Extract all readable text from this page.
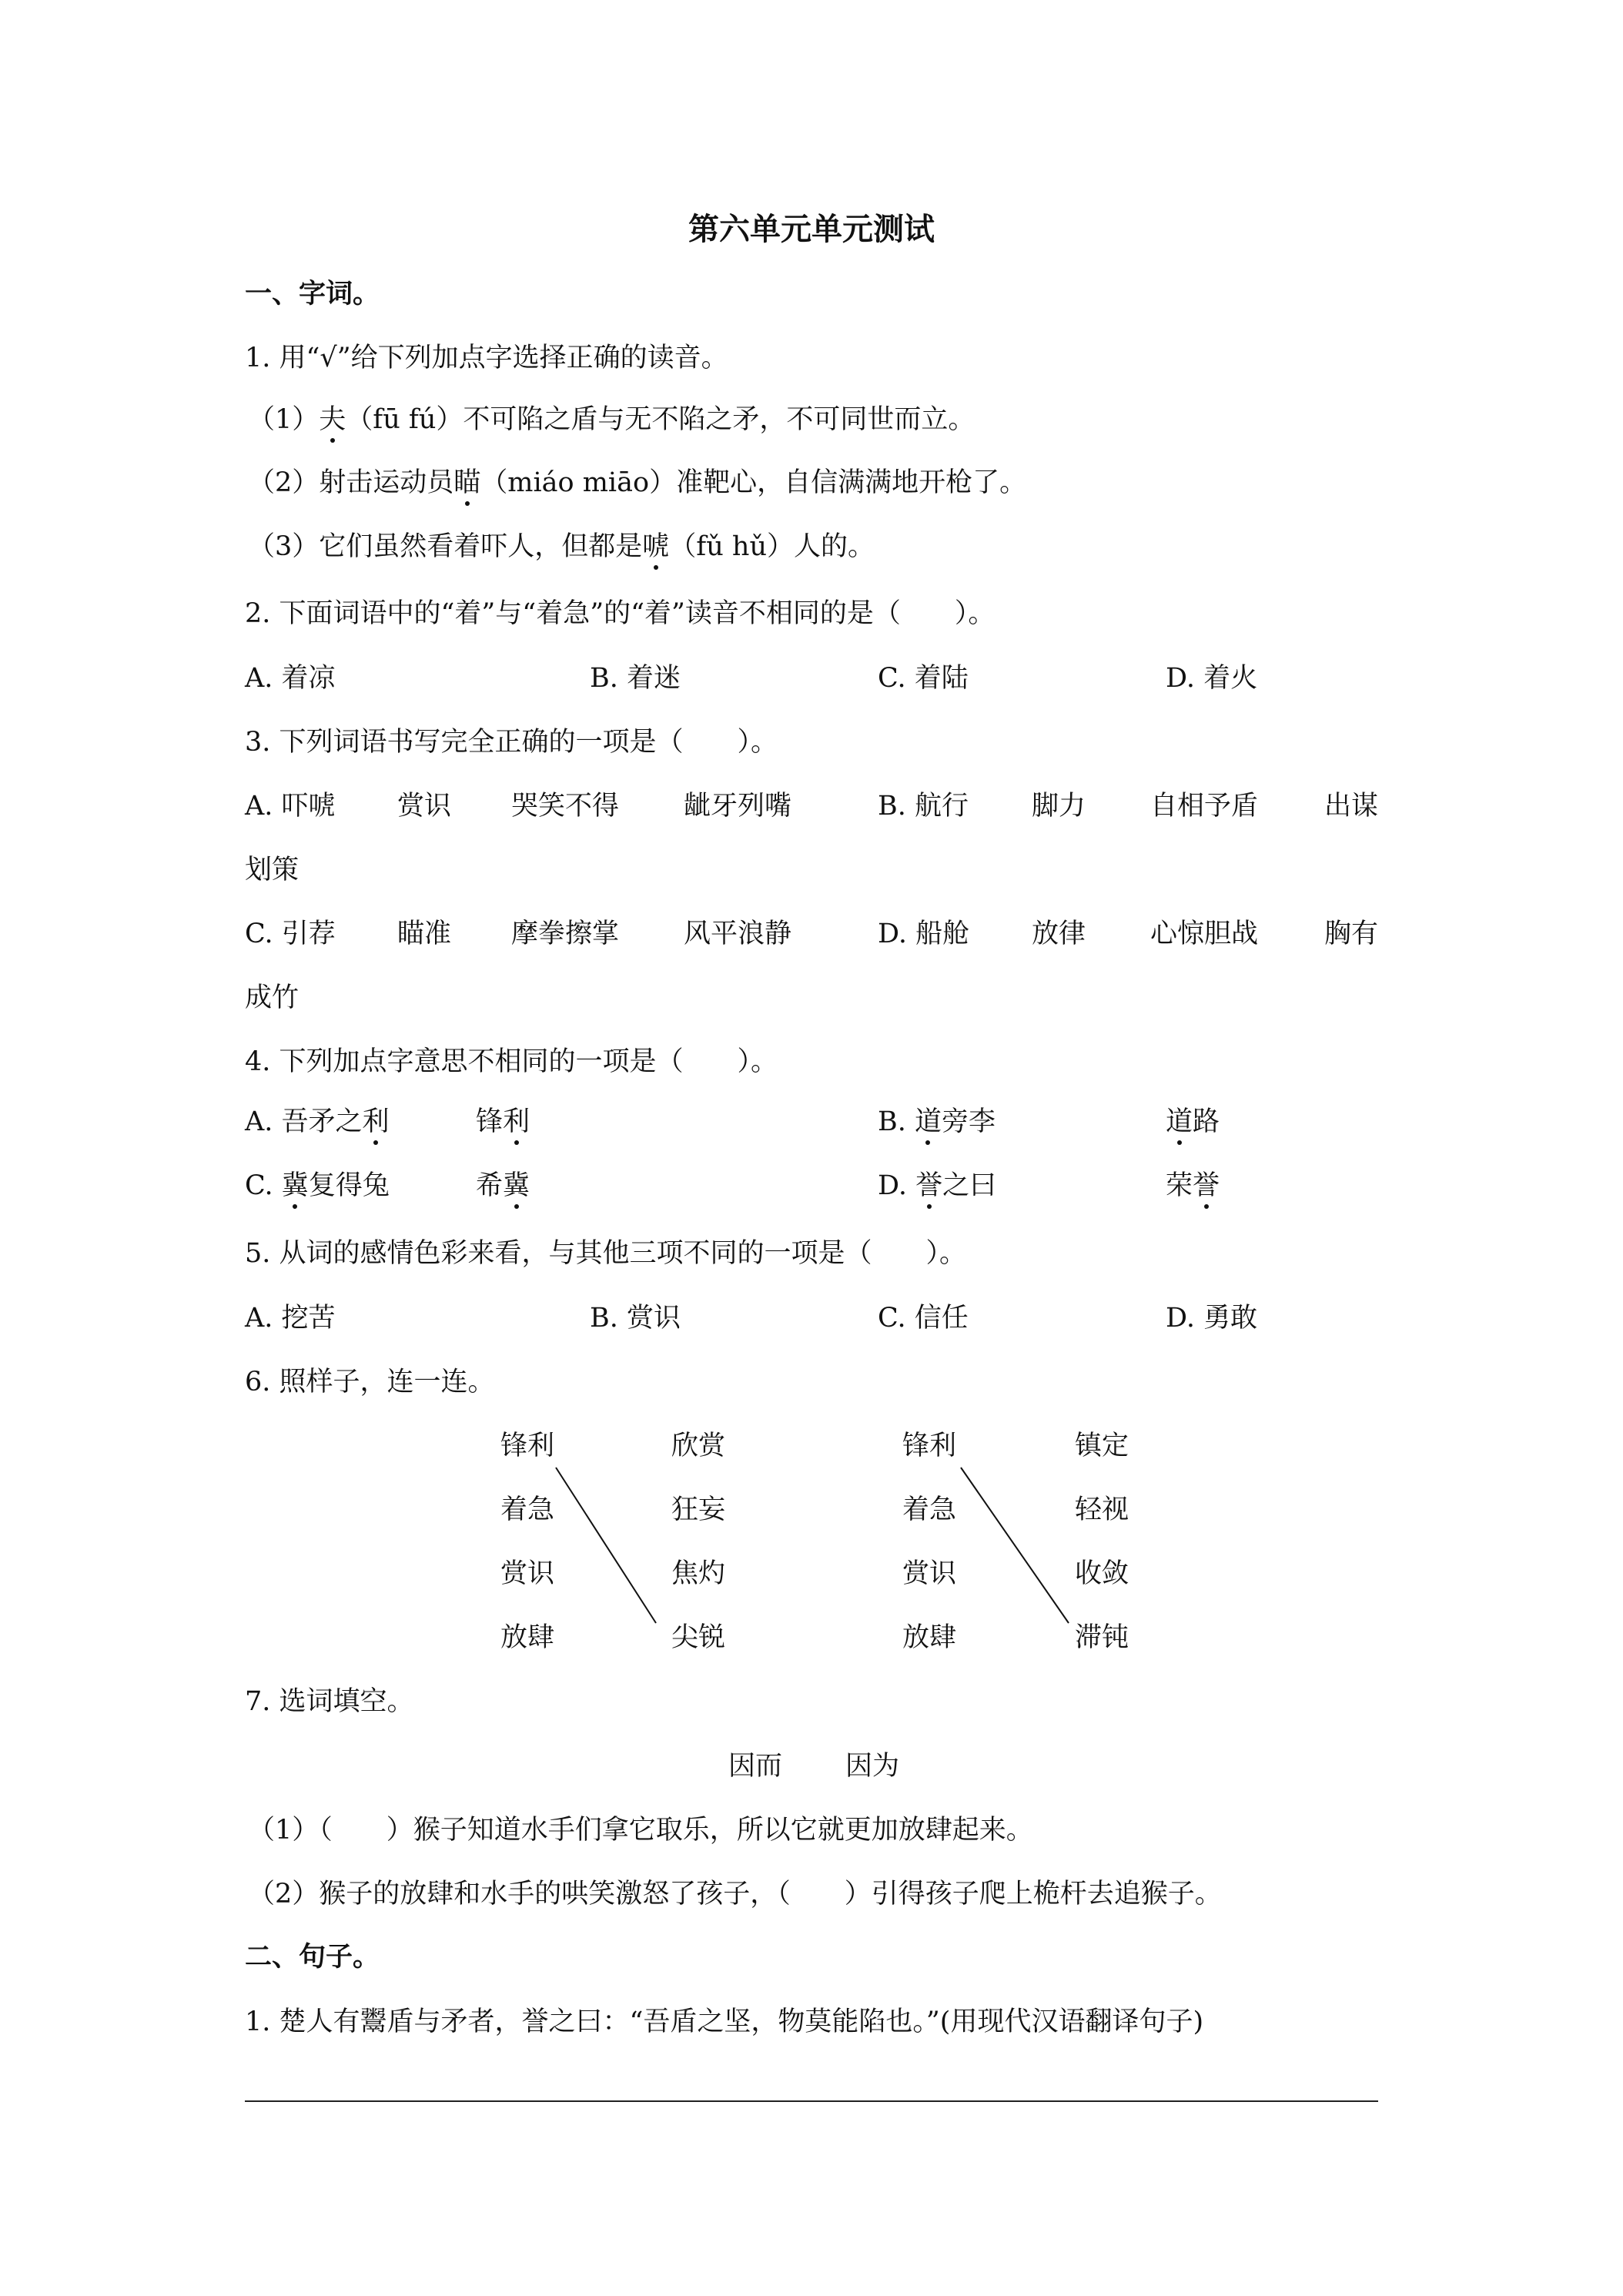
第六单元单元测试
一、字词。
1. 用“√”给下列加点字选择正确的读音。
（1）夫（fū fú）不可陷之盾与无不陷之矛，不可同世而立。
（2）射击运动员瞄（miáo miāo）准靶心，自信满满地开枪了。
（3）它们虽然看着吓人，但都是唬（fǔ hǔ）人的。
2. 下面词语中的“着”与“着急”的“着”读音不相同的是（　　）。
A. 着凉	B. 着迷	C. 着陆	D. 着火
3. 下列词语书写完全正确的一项是（　　）。
A. 吓唬 赏识 哭笑不得 龇牙列嘴	B. 航行 脚力 自相予盾 出谋
划策
C. 引荐 瞄准 摩拳擦掌 风平浪静	D. 船舱 放律 心惊胆战 胸有
成竹
4. 下列加点字意思不相同的一项是（　　）。
A. 吾矛之利	锋利	B. 道旁李	道路
C. 冀复得兔	希冀	D. 誉之曰	荣誉
5. 从词的感情色彩来看，与其他三项不同的一项是（　　）。
A. 挖苦	B. 赏识	C. 信任	D. 勇敢
6. 照样子，连一连。
锋利
着急
赏识
放肆
欣赏
狂妄
焦灼
尖锐
锋利
着急
赏识
放肆
镇定
轻视
收敛
滞钝
7. 选词填空。
因而 因为
（1）（　　）猴子知道水手们拿它取乐，所以它就更加放肆起来。
（2）猴子的放肆和水手的哄笑激怒了孩子，（　　）引得孩子爬上桅杆去追猴子。
二、句子。
1. 楚人有鬻盾与矛者，誉之曰：“吾盾之坚，物莫能陷也。”(用现代汉语翻译句子)
